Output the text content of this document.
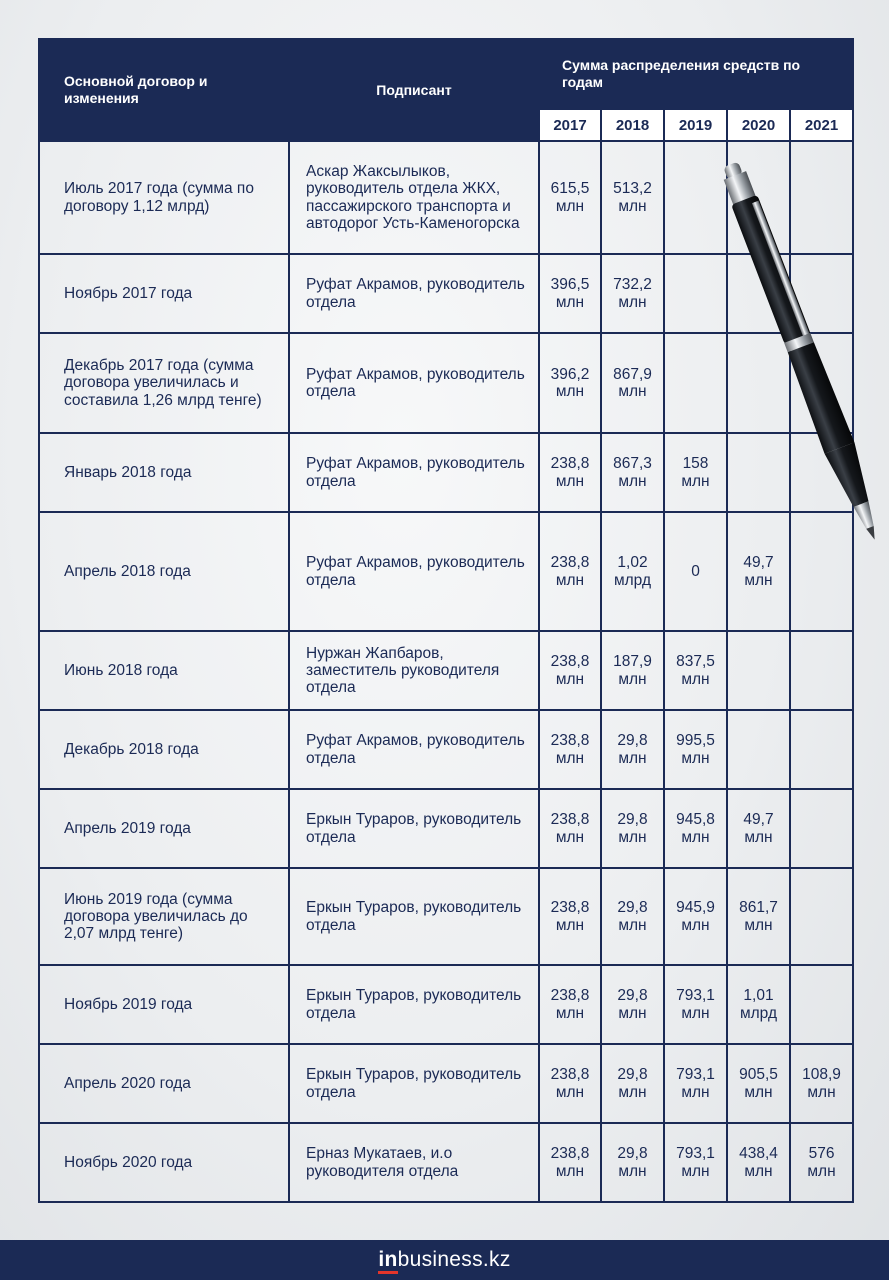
Основной договор и изменения	Подписант	Сумма распределения средств по годам				
		2017	2018	2019	2020	2021
Июль 2017 года (сумма по договору 1,12 млрд)	Аскар Жаксылыков, руководитель отдела ЖКХ, пассажирского транспорта и автодорог Усть-Каменогорска	615,5 млн	513,2 млн			
Ноябрь 2017 года	Руфат Акрамов, руководитель отдела	396,5 млн	732,2 млн			
Декабрь 2017 года (сумма договора увеличилась и составила 1,26 млрд тенге)	Руфат Акрамов, руководитель отдела	396,2 млн	867,9 млн			
Январь 2018 года	Руфат Акрамов, руководитель отдела	238,8 млн	867,3 млн	158 млн		
Апрель 2018 года	Руфат Акрамов, руководитель отдела	238,8 млн	1,02 млрд	0	49,7 млн	
Июнь 2018 года	Нуржан Жапбаров, заместитель руководителя отдела	238,8 млн	187,9 млн	837,5 млн		
Декабрь 2018 года	Руфат Акрамов, руководитель отдела	238,8 млн	29,8 млн	995,5 млн		
Апрель 2019 года	Еркын Тураров, руководитель отдела	238,8 млн	29,8 млн	945,8 млн	49,7 млн	
Июнь 2019 года (сумма договора увеличилась до 2,07 млрд тенге)	Еркын Тураров, руководитель отдела	238,8 млн	29,8 млн	945,9 млн	861,7 млн	
Ноябрь 2019 года	Еркын Тураров, руководитель отдела	238,8 млн	29,8 млн	793,1 млн	1,01 млрд	
Апрель 2020 года	Еркын Тураров, руководитель отдела	238,8 млн	29,8 млн	793,1 млн	905,5 млн	108,9 млн
Ноябрь 2020 года	Ерназ Мукатаев, и.о руководителя отдела	238,8 млн	29,8 млн	793,1 млн	438,4 млн	576 млн
inbusiness.kz
